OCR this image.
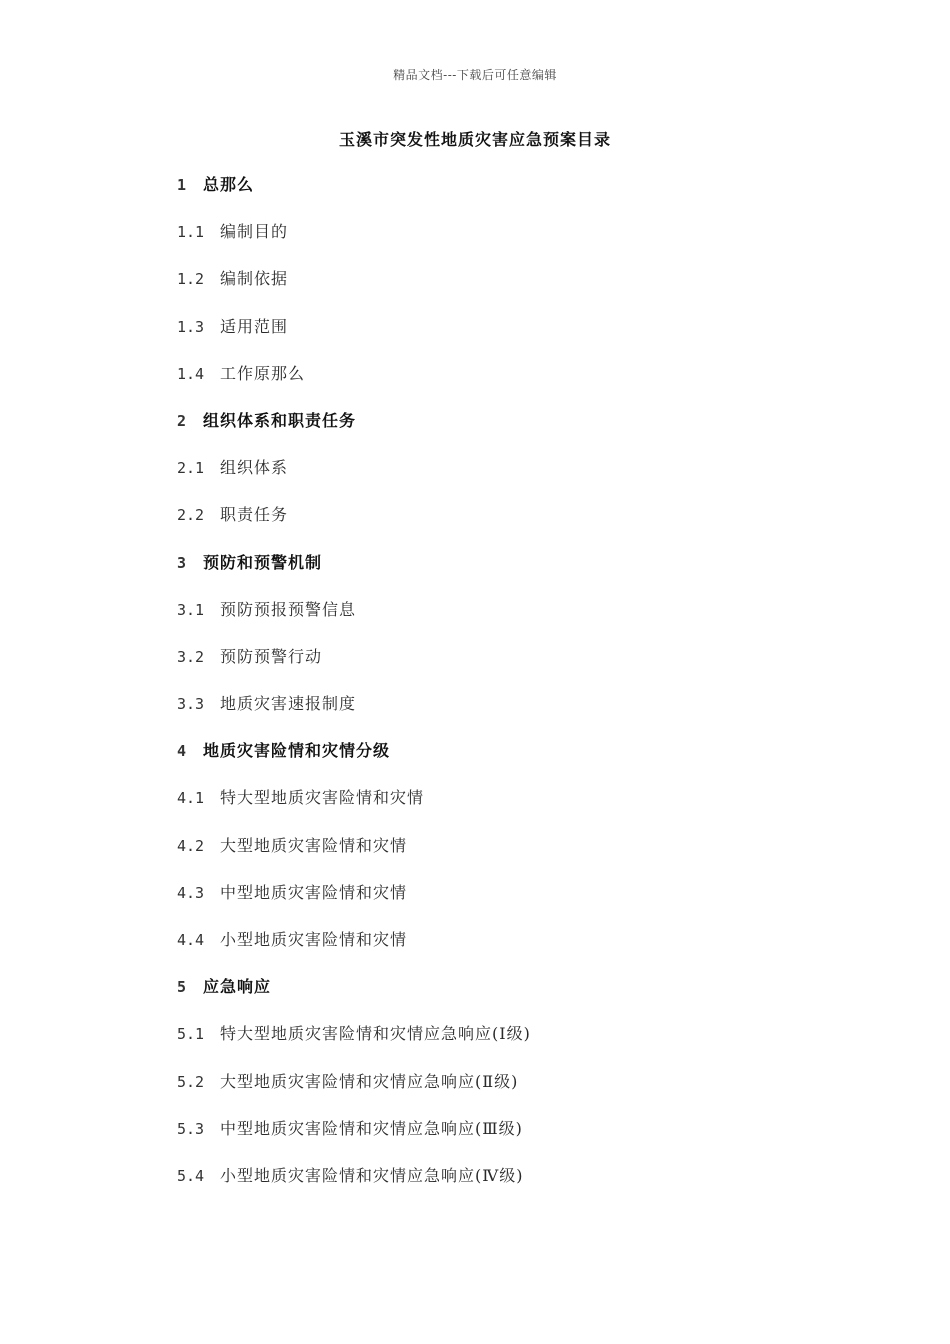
精品文档---下载后可任意编辑
玉溪市突发性地质灾害应急预案目录
1 总那么
1.1 编制目的
1.2 编制依据
1.3 适用范围
1.4 工作原那么
2 组织体系和职责任务
2.1 组织体系
2.2 职责任务
3 预防和预警机制
3.1 预防预报预警信息
3.2 预防预警行动
3.3 地质灾害速报制度
4 地质灾害险情和灾情分级
4.1 特大型地质灾害险情和灾情
4.2 大型地质灾害险情和灾情
4.3 中型地质灾害险情和灾情
4.4 小型地质灾害险情和灾情
5 应急响应
5.1 特大型地质灾害险情和灾情应急响应(Ⅰ级)
5.2 大型地质灾害险情和灾情应急响应(Ⅱ级)
5.3 中型地质灾害险情和灾情应急响应(Ⅲ级)
5.4 小型地质灾害险情和灾情应急响应(Ⅳ级)
